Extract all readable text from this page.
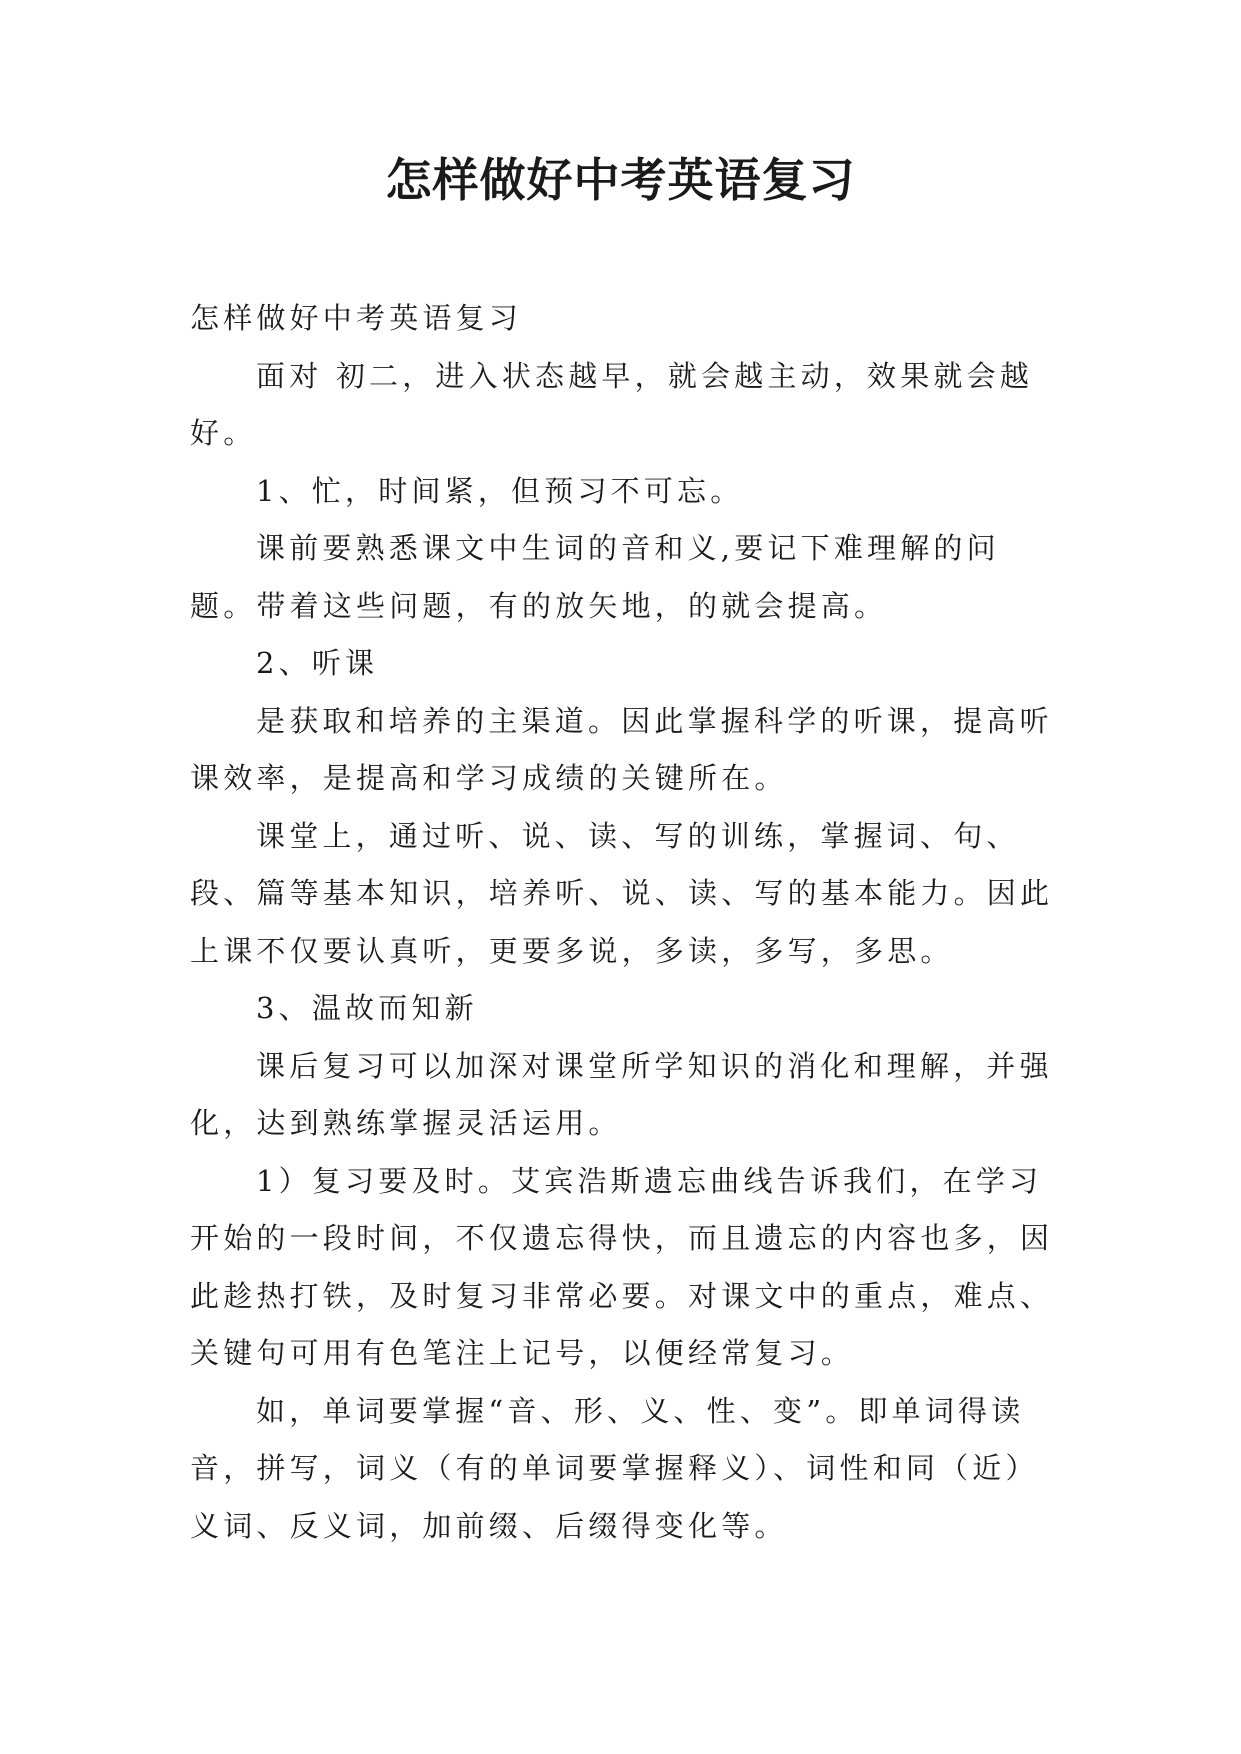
怎样做好中考英语复习

怎样做好中考英语复习

面对 初二，进入状态越早，就会越主动，效果就会越好。

1、忙，时间紧，但预习不可忘。

课前要熟悉课文中生词的音和义,要记下难理解的问题。带着这些问题，有的放矢地，的就会提高。

2、听课

是获取和培养的主渠道。因此掌握科学的听课，提高听课效率，是提高和学习成绩的关键所在。

课堂上，通过听、说、读、写的训练，掌握词、句、段、篇等基本知识，培养听、说、读、写的基本能力。因此上课不仅要认真听，更要多说，多读，多写，多思。

3、温故而知新

课后复习可以加深对课堂所学知识的消化和理解，并强化，达到熟练掌握灵活运用。

1）复习要及时。艾宾浩斯遗忘曲线告诉我们，在学习开始的一段时间，不仅遗忘得快，而且遗忘的内容也多，因此趁热打铁，及时复习非常必要。对课文中的重点，难点、关键句可用有色笔注上记号，以便经常复习。

如，单词要掌握“音、形、义、性、变”。即单词得读音，拼写，词义（有的单词要掌握释义）、词性和同（近）义词、反义词，加前缀、后缀得变化等。
